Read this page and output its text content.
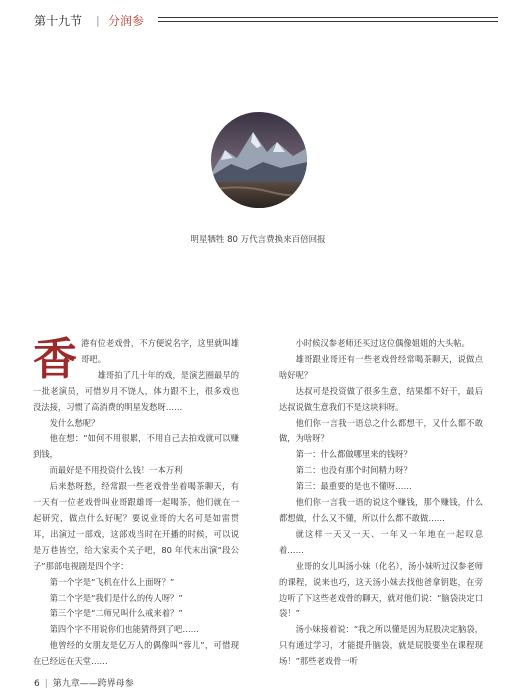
第十九节 | 分润参
明星牺牲 80 万代言费换来百倍回报

香港有位老戏骨，不方便说名字，这里就叫雄哥吧。

雄哥拍了几十年的戏，是演艺圈最早的一批老演员，可惜岁月不饶人，体力跟不上，很多戏也没法接，习惯了高消费的明星发愁呀……

发什么愁呢？

他在想：“如何不用很累，不用自己去拍戏就可以赚到钱，

而最好是不用投资什么钱！一本万利

后来愁呀愁，经常跟一些老戏骨坐着喝茶聊天，有一天有一位老戏骨叫业哥跟雄哥一起喝茶，他们就在一起研究，做点什么好呢？要说业哥的大名可是如雷贯耳，出演过一部戏，这部戏当时在开播的时候，可以说是万巷皆空，给大家卖个关子吧，80 年代末出演“段公子”那部电视剧是四个字：

第一个字是“飞机在什么上面呀？”

第二个字是“我们是什么的传人呀？”

第三个字是“二师兄叫什么戒来着？”

第四个字不用说你们也能猜得到了吧……

他曾经的女朋友是亿万人的偶像叫“蓉儿”，可惜现在已经远在天堂……

小时候汉参老师还买过这位偶像姐姐的大头帖。

雄哥跟业哥还有一些老戏骨经常喝茶聊天，说做点啥好呢？

达叔可是投资做了很多生意，结果都不好干，最后达叔说做生意我们不是这块料呀。

他们你一言我一语总之什么都想干，又什么都不敢做，为啥呀？

第一：什么都做哪里来的钱呀？

第二：也没有那个时间精力呀？

第三：最重要的是也不懂呀……

他们你一言我一语的说这个赚钱，那个赚钱，什么都想做，什么又不懂，所以什么都不敢做……

就这样一天又一天、一年又一年地在一起叹息着……

业哥的女儿叫汤小妹（化名），汤小妹听过汉参老师的课程，说来也巧，这天汤小妹去找他爸拿钥匙，在旁边听了下这些老戏骨的聊天，就对他们说：“脑袋决定口袋！”

汤小妹接着说：“我之所以懂是因为屁股决定脑袋，只有通过学习，才能提升脑袋，就是屁股要坐在课程现场！”那些老戏骨一听

6 | 第九章——跨界母参
